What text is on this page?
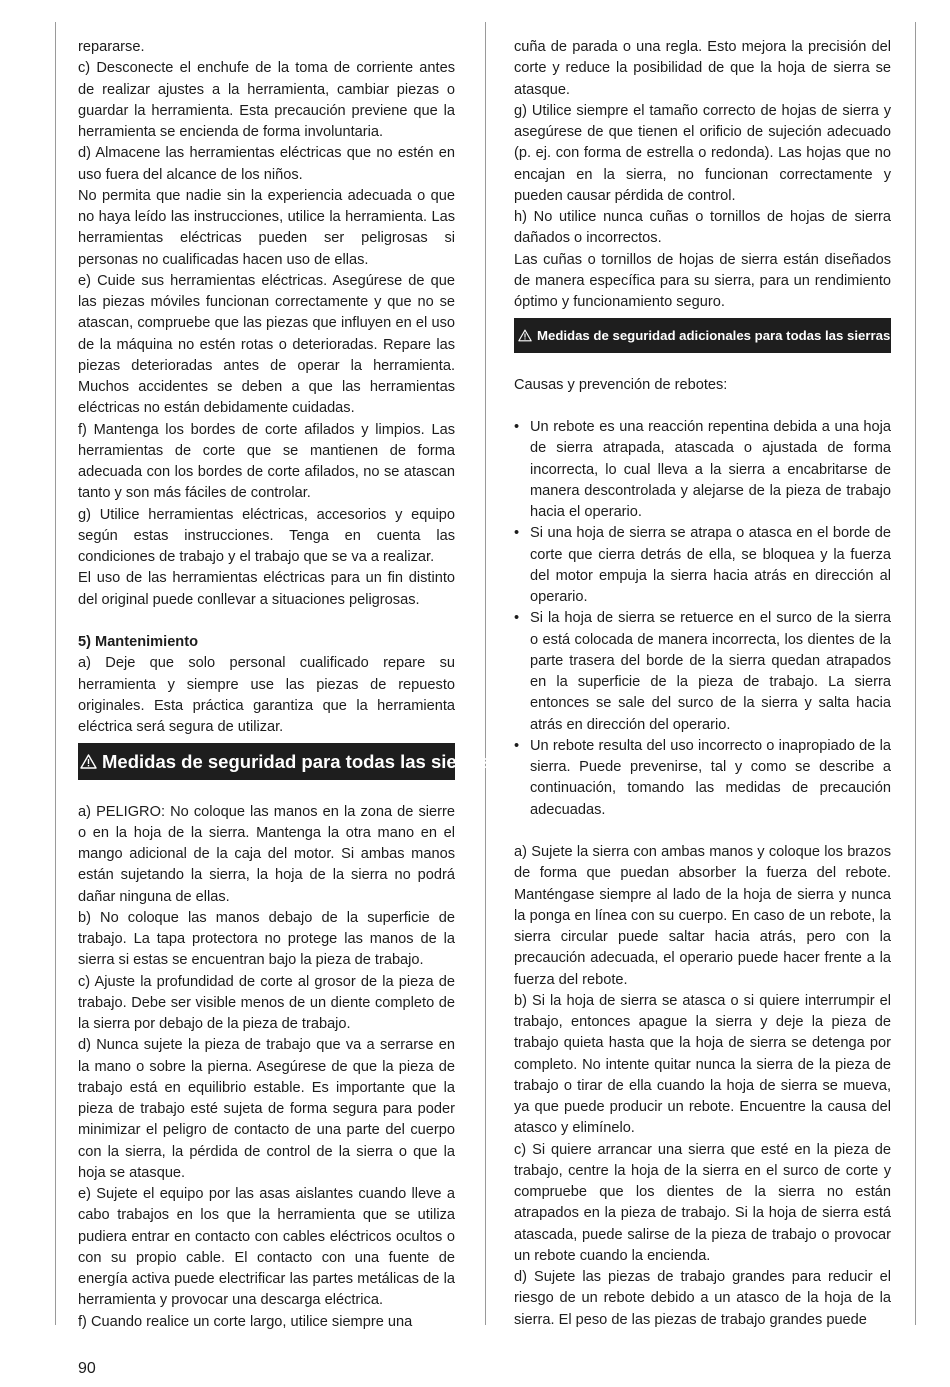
repararse.

c) Desconecte el enchufe de la toma de corriente antes de realizar ajustes a la herramienta, cambiar piezas o guardar la herramienta. Esta precaución previene que la herramienta se encienda de forma involuntaria.

d) Almacene las herramientas eléctricas que no estén en uso fuera del alcance de los niños.

No permita que nadie sin la experiencia adecuada o que no haya leído las instrucciones, utilice la herramienta. Las herramientas eléctricas pueden ser peligrosas si personas no cualificadas hacen uso de ellas.

e) Cuide sus herramientas eléctricas. Asegúrese de que las piezas móviles funcionan correctamente y que no se atascan, compruebe que las piezas que influyen en el uso de la máquina no estén rotas o deterioradas. Repare las piezas deterioradas antes de operar la herramienta. Muchos accidentes se deben a que las herramientas eléctricas no están debidamente cuidadas.

f) Mantenga los bordes de corte afilados y limpios. Las herramientas de corte que se mantienen de forma adecuada con los bordes de corte afilados, no se atascan tanto y son más fáciles de controlar.

g) Utilice herramientas eléctricas, accesorios y equipo según estas instrucciones. Tenga en cuenta las condiciones de trabajo y el trabajo que se va a realizar.

El uso de las herramientas eléctricas para un fin distinto del original puede conllevar a situaciones peligrosas.

5) Mantenimiento

a) Deje que solo personal cualificado repare su herramienta y siempre use las piezas de repuesto originales. Esta práctica garantiza que la herramienta eléctrica será segura de utilizar.

Medidas de seguridad para todas las sierras

a) PELIGRO: No coloque las manos en la zona de sierre o en la hoja de la sierra. Mantenga la otra mano en el mango adicional de la caja del motor. Si ambas manos están sujetando la sierra, la hoja de la sierra no podrá dañar ninguna de ellas.

b) No coloque las manos debajo de la superficie de trabajo. La tapa protectora no protege las manos de la sierra si estas se encuentran bajo la pieza de trabajo.

c) Ajuste la profundidad de corte al grosor de la pieza de trabajo. Debe ser visible menos de un diente completo de la sierra por debajo de la pieza de trabajo.

d) Nunca sujete la pieza de trabajo que va a serrarse en la mano o sobre la pierna. Asegúrese de que la pieza de trabajo está en equilibrio estable. Es importante que la pieza de trabajo esté sujeta de forma segura para poder minimizar el peligro de contacto de una parte del cuerpo con la sierra, la pérdida de control de la sierra o que la hoja se atasque.

e) Sujete el equipo por las asas aislantes cuando lleve a cabo trabajos en los que la herramienta que se utiliza pudiera entrar en contacto con cables eléctricos ocultos o con su propio cable. El contacto con una fuente de energía activa puede electrificar las partes metálicas de la herramienta y provocar una descarga eléctrica.

f) Cuando realice un corte largo, utilice siempre una

cuña de parada o una regla. Esto mejora la precisión del corte y reduce la posibilidad de que la hoja de sierra se atasque.

g) Utilice siempre el tamaño correcto de hojas de sierra y asegúrese de que tienen el orificio de sujeción adecuado (p. ej. con forma de estrella o redonda). Las hojas que no encajan en la sierra, no funcionan correctamente y pueden causar pérdida de control.

h) No utilice nunca cuñas o tornillos de hojas de sierra dañados o incorrectos.

Las cuñas o tornillos de hojas de sierra están diseñados de manera específica para su sierra, para un rendimiento óptimo y funcionamiento seguro.

Medidas de seguridad adicionales para todas las sierras

Causas y prevención de rebotes:

• Un rebote es una reacción repentina debida a una hoja de sierra atrapada, atascada o ajustada de forma incorrecta, lo cual lleva a la sierra a encabritarse de manera descontrolada y alejarse de la pieza de trabajo hacia el operario.
• Si una hoja de sierra se atrapa o atasca en el borde de corte que cierra detrás de ella, se bloquea y la fuerza del motor empuja la sierra hacia atrás en dirección al operario.
• Si la hoja de sierra se retuerce en el surco de la sierra o está colocada de manera incorrecta, los dientes de la parte trasera del borde de la sierra quedan atrapados en la superficie de la pieza de trabajo. La sierra entonces se sale del surco de la sierra y salta hacia atrás en dirección del operario.
• Un rebote resulta del uso incorrecto o inapropiado de la sierra. Puede prevenirse, tal y como se describe a continuación, tomando las medidas de precaución adecuadas.

a) Sujete la sierra con ambas manos y coloque los brazos de forma que puedan absorber la fuerza del rebote. Manténgase siempre al lado de la hoja de sierra y nunca la ponga en línea con su cuerpo. En caso de un rebote, la sierra circular puede saltar hacia atrás, pero con la precaución adecuada, el operario puede hacer frente a la fuerza del rebote.

b) Si la hoja de sierra se atasca o si quiere interrumpir el trabajo, entonces apague la sierra y deje la pieza de trabajo quieta hasta que la hoja de sierra se detenga por completo. No intente quitar nunca la sierra de la pieza de trabajo o tirar de ella cuando la hoja de sierra se mueva, ya que puede producir un rebote. Encuentre la causa del atasco y elimínelo.

c) Si quiere arrancar una sierra que esté en la pieza de trabajo, centre la hoja de la sierra en el surco de corte y compruebe que los dientes de la sierra no están atrapados en la pieza de trabajo. Si la hoja de sierra está atascada, puede salirse de la pieza de trabajo o provocar un rebote cuando la encienda.

d) Sujete las piezas de trabajo grandes para reducir el riesgo de un rebote debido a un atasco de la hoja de la sierra. El peso de las piezas de trabajo grandes puede

90
